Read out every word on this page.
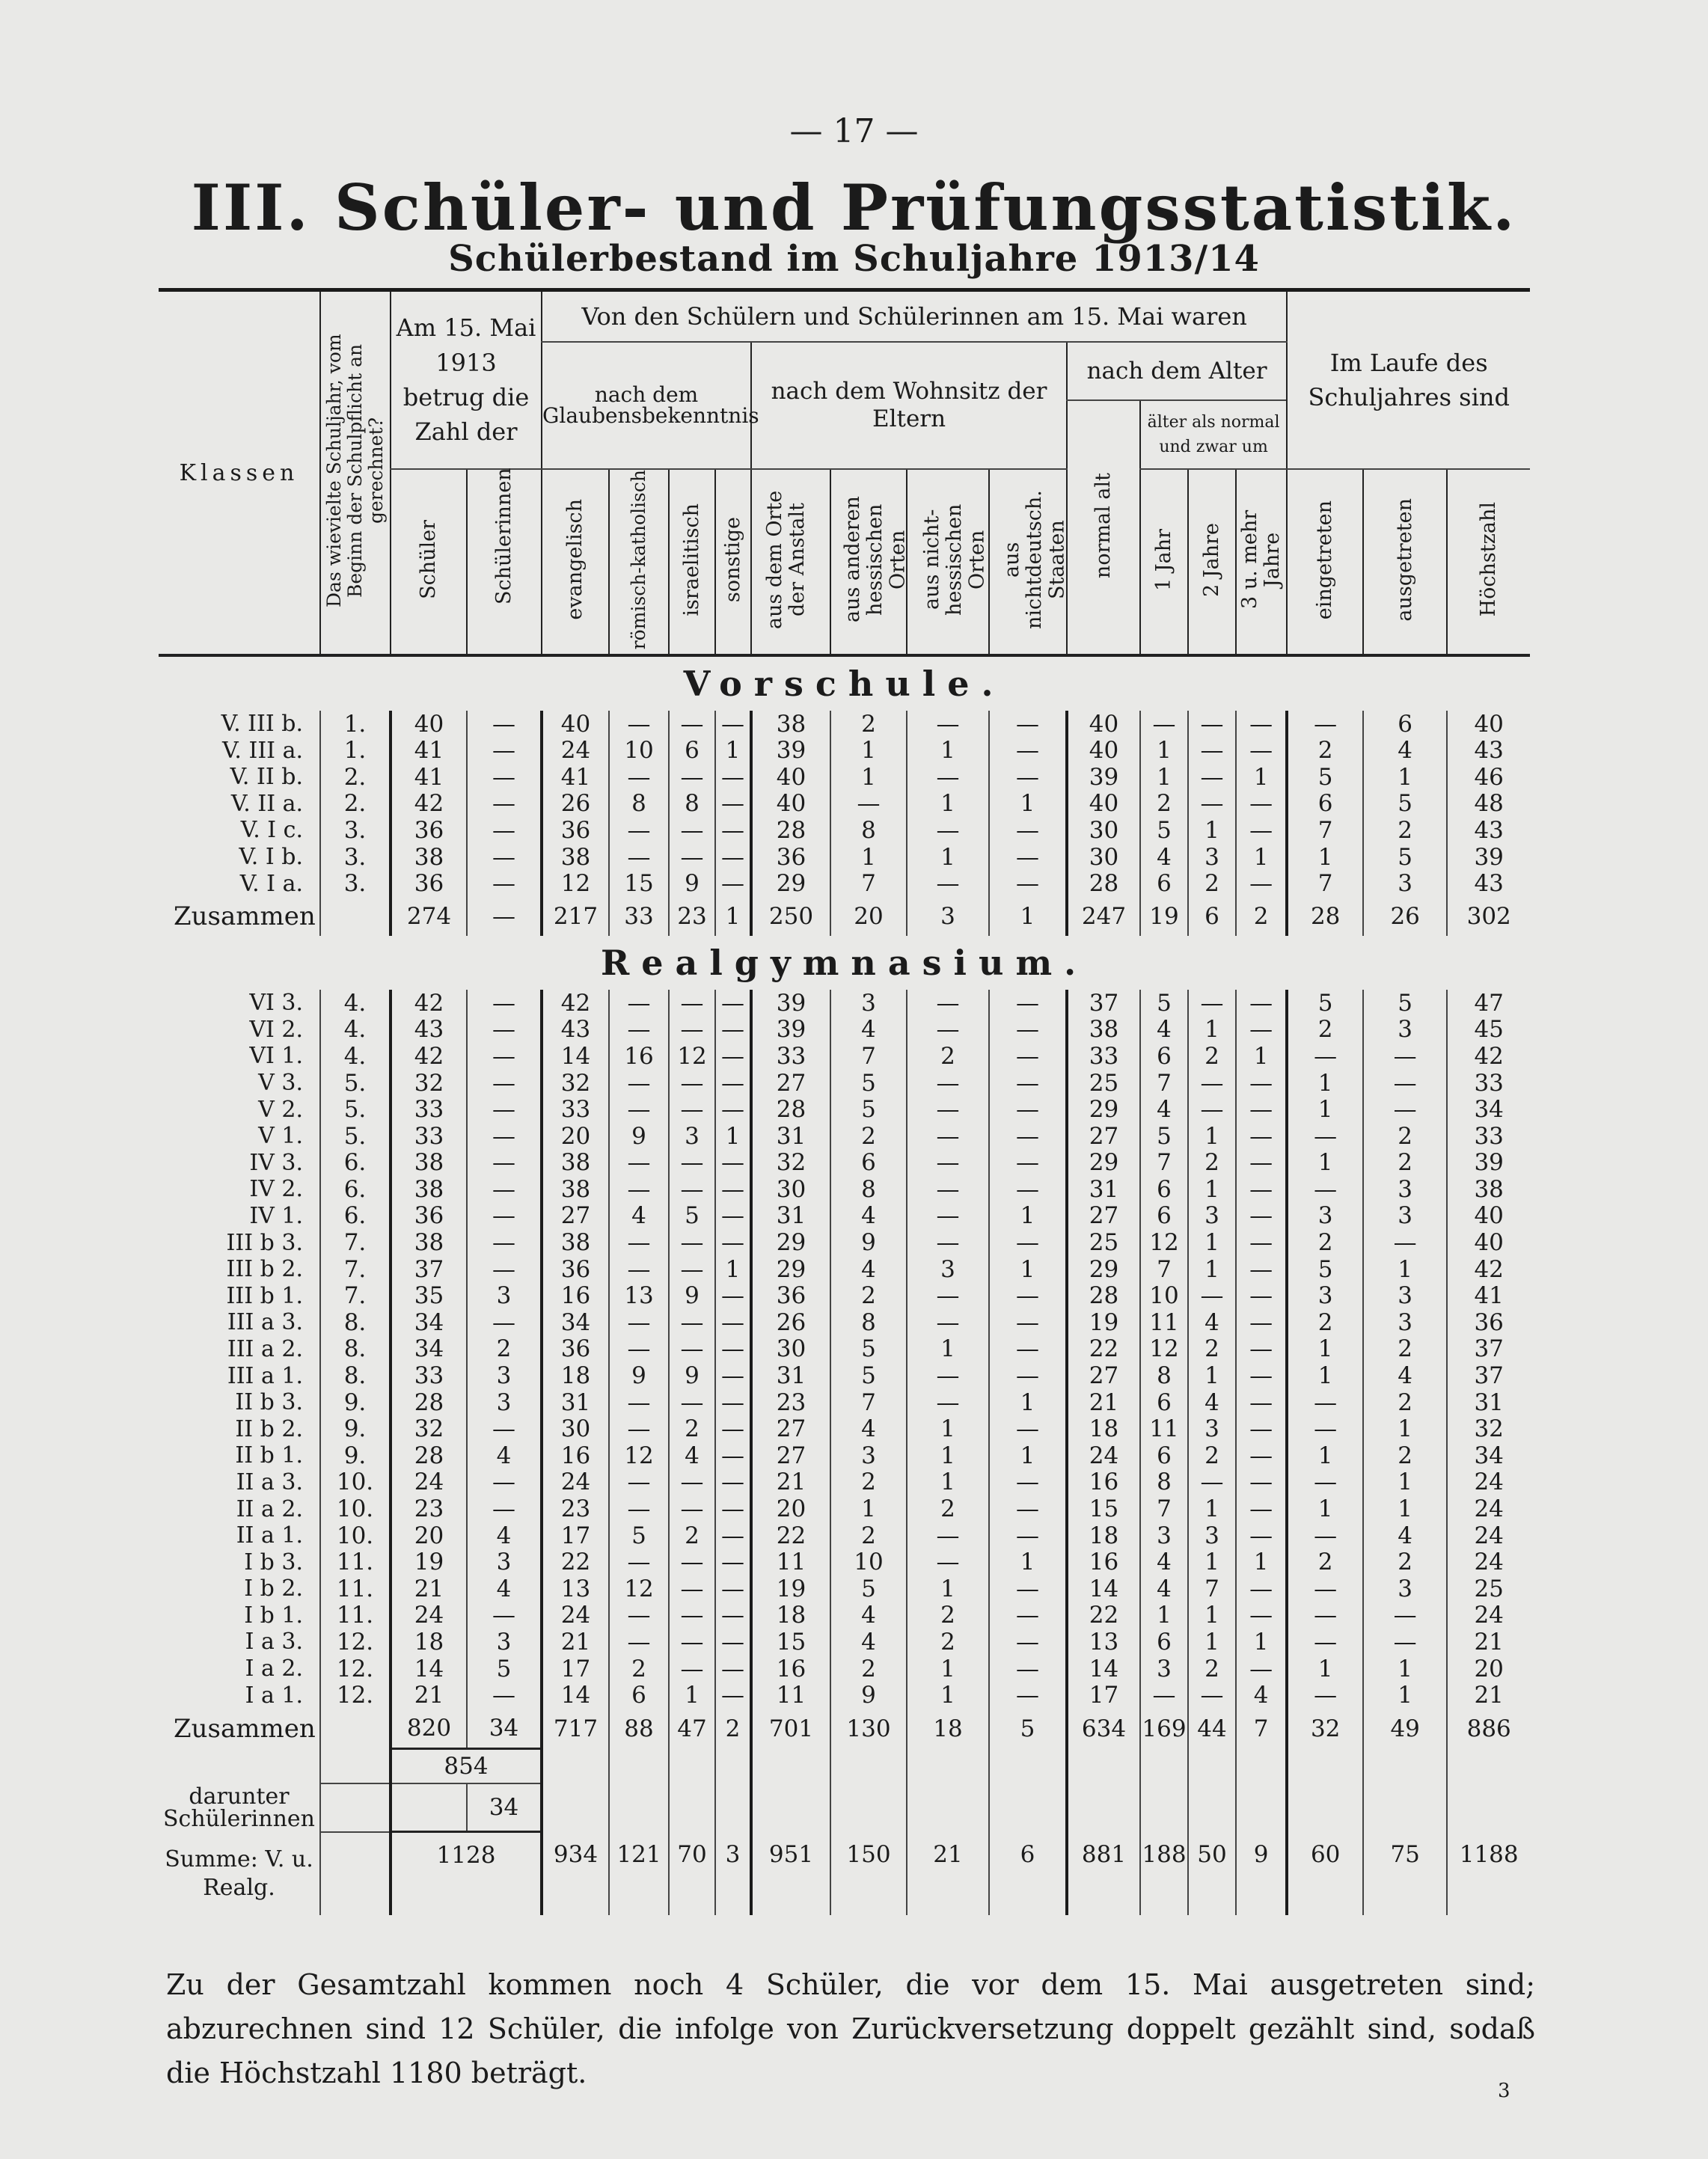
— 17 —
III. Schüler- und Prüfungsstatistik.
Schülerbestand im Schuljahre 1913/14
Klassen	Das wievielte Schuljahr, vom Beginn der Schulpflicht an gerechnet?	Am 15. Mai 1913 betrug die Zahl der		Von den Schülern und Schülerinnen am 15. Mai waren												Im Laufe des Schuljahres sind		
				nach dem Glaubensbekenntnis				nach dem Wohnsitz der Eltern				nach dem Alter						
												normal alt	älter als normal und zwar um					
		Schüler	Schülerinnen	evangelisch	römisch-katholisch	israelitisch	sonstige	aus dem Orte der Anstalt	aus anderen hessischen Orten	aus nicht-hessischen Orten	aus nichtdeutsch. Staaten		1 Jahr	2 Jahre	3 u. mehr Jahre	eingetreten	ausgetreten	Höchstzahl
Vorschule.																		
V. III b.	1.	40	—	40	—	—	—	38	2	—	—	40	—	—	—	—	6	40
V. III a.	1.	41	—	24	10	6	1	39	1	1	—	40	1	—	—	2	4	43
V. II b.	2.	41	—	41	—	—	—	40	1	—	—	39	1	—	1	5	1	46
V. II a.	2.	42	—	26	8	8	—	40	—	1	1	40	2	—	—	6	5	48
V. I c.	3.	36	—	36	—	—	—	28	8	—	—	30	5	1	—	7	2	43
V. I b.	3.	38	—	38	—	—	—	36	1	1	—	30	4	3	1	1	5	39
V. I a.	3.	36	—	12	15	9	—	29	7	—	—	28	6	2	—	7	3	43
Zusammen		274	—	217	33	23	1	250	20	3	1	247	19	6	2	28	26	302
Realgymnasium.																		
VI 3.	4.	42	—	42	—	—	—	39	3	—	—	37	5	—	—	5	5	47
VI 2.	4.	43	—	43	—	—	—	39	4	—	—	38	4	1	—	2	3	45
VI 1.	4.	42	—	14	16	12	—	33	7	2	—	33	6	2	1	—	—	42
V 3.	5.	32	—	32	—	—	—	27	5	—	—	25	7	—	—	1	—	33
V 2.	5.	33	—	33	—	—	—	28	5	—	—	29	4	—	—	1	—	34
V 1.	5.	33	—	20	9	3	1	31	2	—	—	27	5	1	—	—	2	33
IV 3.	6.	38	—	38	—	—	—	32	6	—	—	29	7	2	—	1	2	39
IV 2.	6.	38	—	38	—	—	—	30	8	—	—	31	6	1	—	—	3	38
IV 1.	6.	36	—	27	4	5	—	31	4	—	1	27	6	3	—	3	3	40
III b 3.	7.	38	—	38	—	—	—	29	9	—	—	25	12	1	—	2	—	40
III b 2.	7.	37	—	36	—	—	1	29	4	3	1	29	7	1	—	5	1	42
III b 1.	7.	35	3	16	13	9	—	36	2	—	—	28	10	—	—	3	3	41
III a 3.	8.	34	—	34	—	—	—	26	8	—	—	19	11	4	—	2	3	36
III a 2.	8.	34	2	36	—	—	—	30	5	1	—	22	12	2	—	1	2	37
III a 1.	8.	33	3	18	9	9	—	31	5	—	—	27	8	1	—	1	4	37
II b 3.	9.	28	3	31	—	—	—	23	7	—	1	21	6	4	—	—	2	31
II b 2.	9.	32	—	30	—	2	—	27	4	1	—	18	11	3	—	—	1	32
II b 1.	9.	28	4	16	12	4	—	27	3	1	1	24	6	2	—	1	2	34
II a 3.	10.	24	—	24	—	—	—	21	2	1	—	16	8	—	—	—	1	24
II a 2.	10.	23	—	23	—	—	—	20	1	2	—	15	7	1	—	1	1	24
II a 1.	10.	20	4	17	5	2	—	22	2	—	—	18	3	3	—	—	4	24
I b 3.	11.	19	3	22	—	—	—	11	10	—	1	16	4	1	1	2	2	24
I b 2.	11.	21	4	13	12	—	—	19	5	1	—	14	4	7	—	—	3	25
I b 1.	11.	24	—	24	—	—	—	18	4	2	—	22	1	1	—	—	—	24
I a 3.	12.	18	3	21	—	—	—	15	4	2	—	13	6	1	1	—	—	21
I a 2.	12.	14	5	17	2	—	—	16	2	1	—	14	3	2	—	1	1	20
I a 1.	12.	21	—	14	6	1	—	11	9	1	—	17	—	—	4	—	1	21
Zusammen		820	34	717	88	47	2	701	130	18	5	634	169	44	7	32	49	886
		854																
darunter Schülerinnen			34															
Summe: V. u. Realg.		1128		934	121	70	3	951	150	21	6	881	188	50	9	60	75	1188

Zu der Gesamtzahl kommen noch 4 Schüler, die vor dem 15. Mai ausgetreten sind; abzurechnen sind 12 Schüler, die infolge von Zurückversetzung doppelt gezählt sind, sodaß die Höchstzahl 1180 beträgt.
3
